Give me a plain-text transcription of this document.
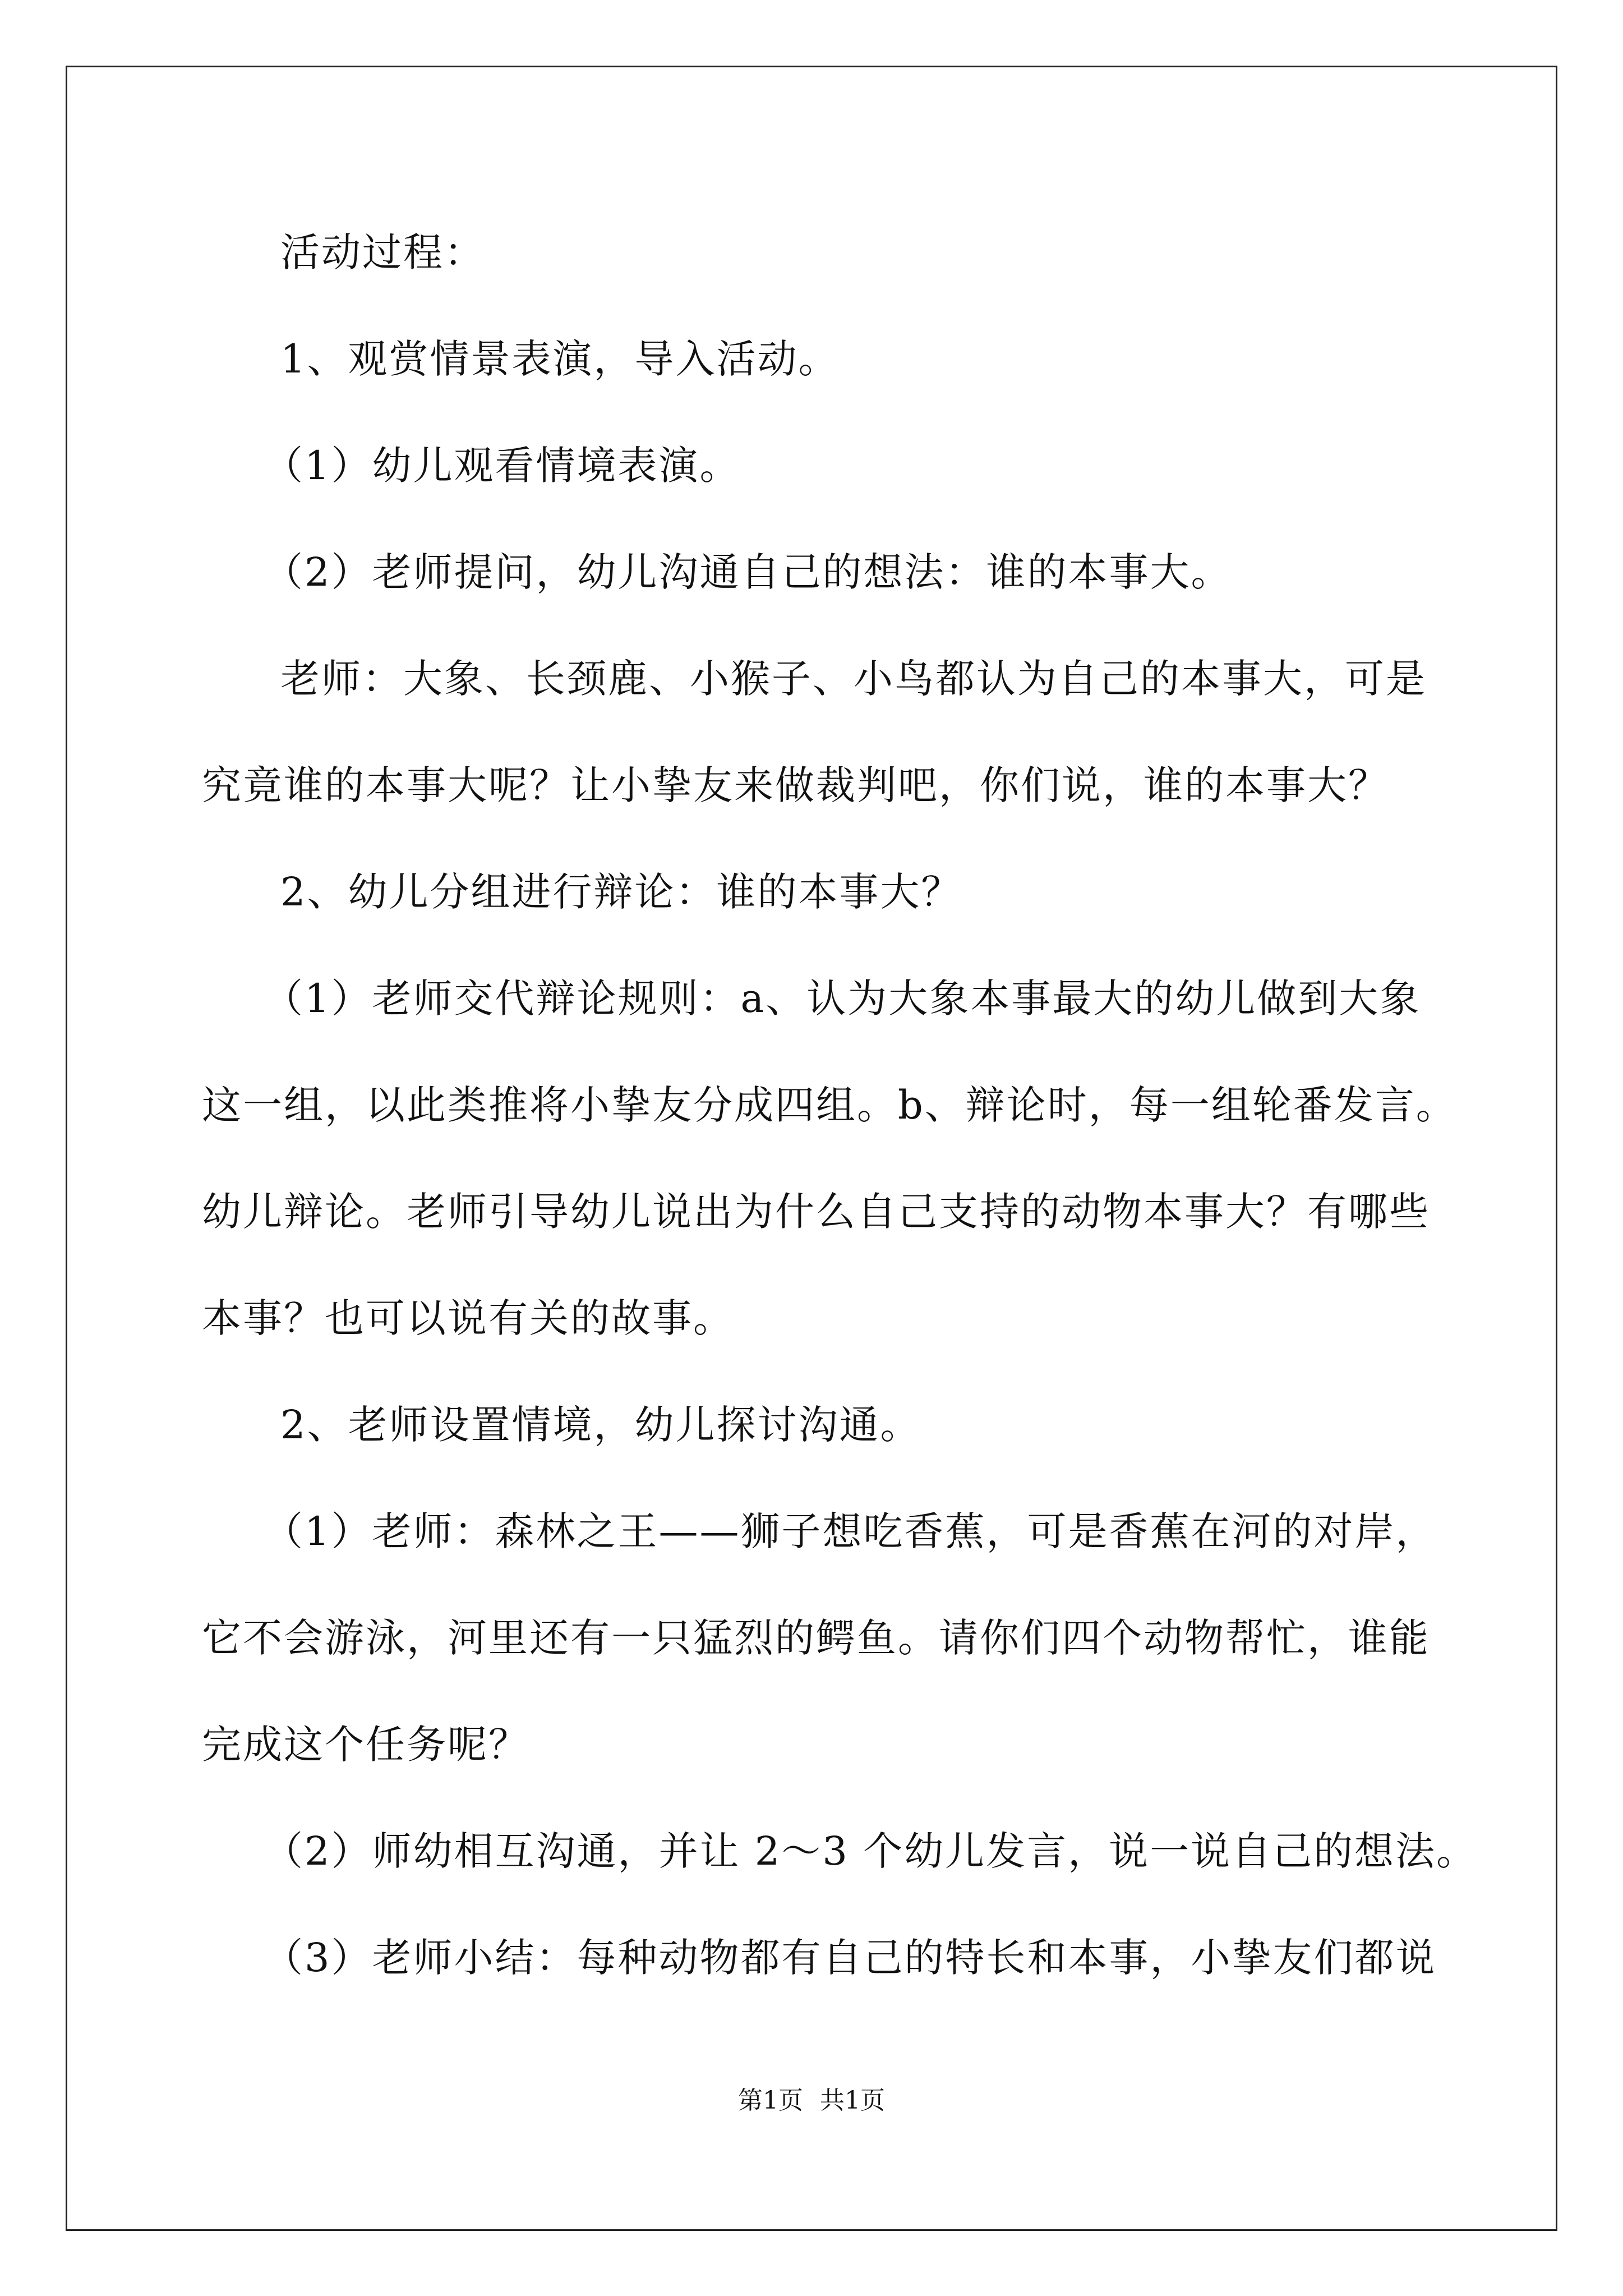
活动过程：
1、观赏情景表演，导入活动。
（1）幼儿观看情境表演。
（2）老师提问，幼儿沟通自己的想法：谁的本事大。
老师：大象、长颈鹿、小猴子、小鸟都认为自己的本事大，可是
究竟谁的本事大呢？让小挚友来做裁判吧，你们说，谁的本事大？
2、幼儿分组进行辩论：谁的本事大？
（1）老师交代辩论规则：a、认为大象本事最大的幼儿做到大象
这一组，以此类推将小挚友分成四组。b、辩论时，每一组轮番发言。
幼儿辩论。老师引导幼儿说出为什么自己支持的动物本事大？有哪些
本事？也可以说有关的故事。
2、老师设置情境，幼儿探讨沟通。
（1）老师：森林之王——狮子想吃香蕉，可是香蕉在河的对岸，
它不会游泳，河里还有一只猛烈的鳄鱼。请你们四个动物帮忙，谁能
完成这个任务呢？
（2）师幼相互沟通，并让 2～3 个幼儿发言，说一说自己的想法。
（3）老师小结：每种动物都有自己的特长和本事，小挚友们都说
第1页 共1页
